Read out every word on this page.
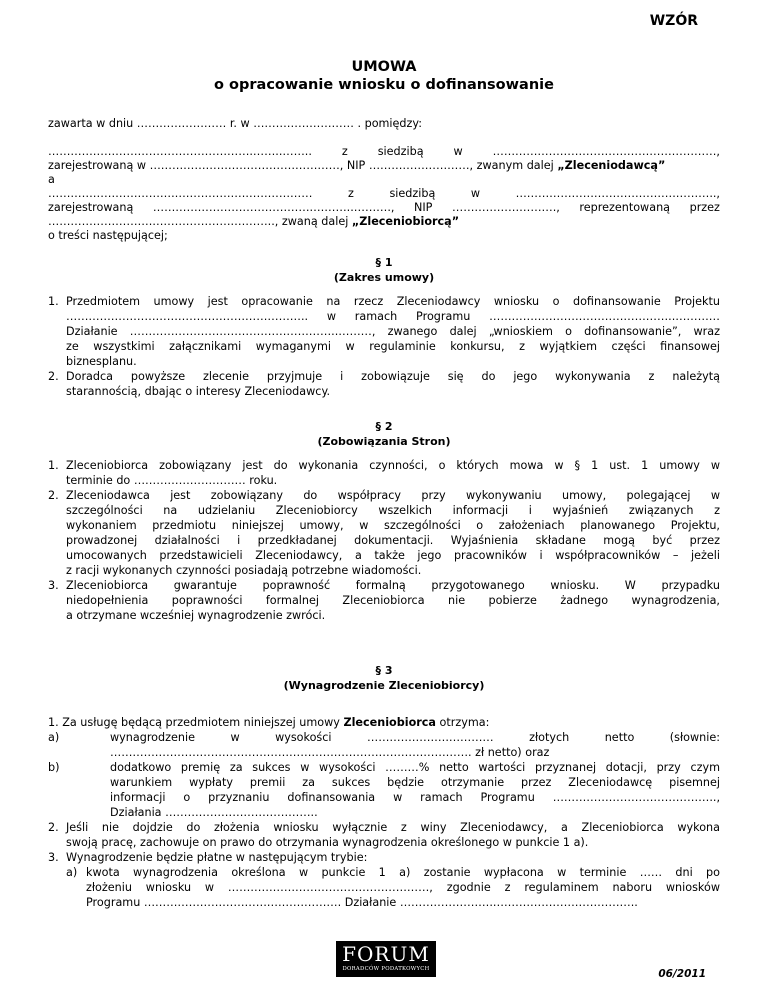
WZÓR
UMOWA
o opracowanie wniosku o dofinansowanie
zawarta w dniu …………………… r. w ……………………… . pomiędzy:
……………………………………………….……..……..	z	siedzibą	w	……………………………………………………,
zarejestrowaną w ……………………………………………, NIP ………………………, zwanym dalej „Zleceniodawcą”
a
…………………………….……………….………………	z	siedzibą	w	…………………………………….………..,
zarejestrowaną …………………………………….………..………., NIP ………………………., reprezentowaną przez
……………………….………………….……….., zwaną dalej „Zleceniobiorcą”
o treści następującej;
§ 1
(Zakres umowy)
1. Przedmiotem umowy jest opracowanie na rzecz Zleceniodawcy wniosku o dofinansowanie Projektu
……………………………………………………….. w ramach Programu …………………………………………..…………
Działanie ………………………………………………..………, zwanego dalej „wnioskiem o dofinansowanie”, wraz
ze wszystkimi załącznikami wymaganymi w regulaminie konkursu, z wyjątkiem części finansowej
biznesplanu.
2. Doradca powyższe zlecenie przyjmuje i zobowiązuje się do jego wykonywania z należytą
starannością, dbając o interesy Zleceniodawcy.
§ 2
(Zobowiązania Stron)
1. Zleceniobiorca zobowiązany jest do wykonania czynności, o których mowa w § 1 ust. 1 umowy w
terminie do ………………………… roku.
2. Zleceniodawca jest zobowiązany do współpracy przy wykonywaniu umowy, polegającej w
szczególności na udzielaniu Zleceniobiorcy wszelkich informacji i wyjaśnień związanych z
wykonaniem przedmiotu niniejszej umowy, w szczególności o założeniach planowanego Projektu,
prowadzonej działalności i przedkładanej dokumentacji. Wyjaśnienia składane mogą być przez
umocowanych przedstawicieli Zleceniodawcy, a także jego pracowników i współpracowników – jeżeli
z racji wykonanych czynności posiadają potrzebne wiadomości.
3. Zleceniobiorca gwarantuje poprawność formalną przygotowanego wniosku. W przypadku
niedopełnienia poprawności formalnej Zleceniobiorca nie pobierze żadnego wynagrodzenia,
a otrzymane wcześniej wynagrodzenie zwróci.
§ 3
(Wynagrodzenie Zleceniobiorcy)
1. Za usługę będącą przedmiotem niniejszej umowy Zleceniobiorca otrzyma:
a)	wynagrodzenie	w	wysokości	………………….…………	złotych	netto	(słownie:
……………………………………………………………………………………. zł netto) oraz
b)	dodatkowo premię za sukces w wysokości ………% netto wartości przyznanej dotacji, przy czym
warunkiem wypłaty premii za sukces będzie otrzymanie przez Zleceniodawcę pisemnej
informacji o przyznaniu dofinansowania w ramach Programu ……………………………………..,
Działania …………………………………..
2. Jeśli nie dojdzie do złożenia wniosku wyłącznie z winy Zleceniodawcy, a Zleceniobiorca wykona
swoją pracę, zachowuje on prawo do otrzymania wynagrodzenia określonego w punkcie 1 a).
3. Wynagrodzenie będzie płatne w następującym trybie:
a) kwota wynagrodzenia określona w punkcie 1 a) zostanie wypłacona w terminie …… dni po
złożeniu wniosku w ………………………………………………, zgodnie z regulaminem naboru wniosków
Programu …………………………….………………. Działanie ……………………..………………………………..
FORUM
DORADCÓW PODATKOWYCH	06/2011
